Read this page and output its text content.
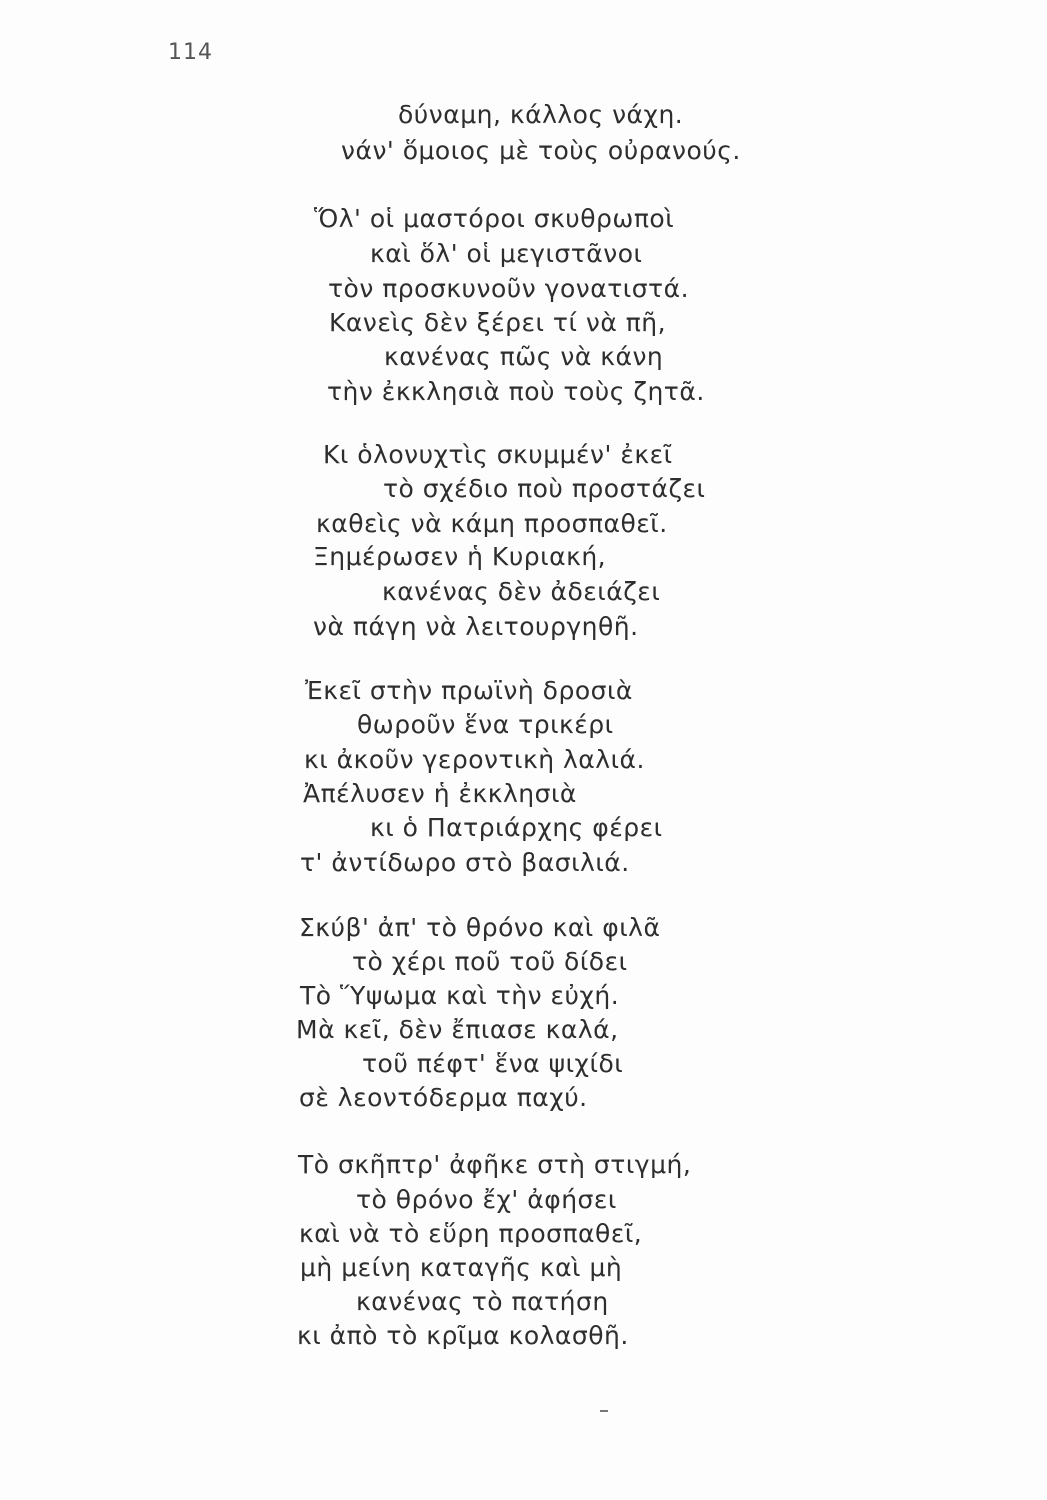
114
δύναμη, κάλλος νάχη.
νάν' ὅμοιος μὲ τοὺς οὐρανούς.
Ὅλ' οἱ μαστόροι σκυθρωποὶ
καὶ ὅλ' οἱ μεγιστᾶνοι
τὸν προσκυνοῦν γονατιστά.
Κανεὶς δὲν ξέρει τί νὰ πῆ,
κανένας πῶς νὰ κάνη
τὴν ἐκκλησιὰ ποὺ τοὺς ζητᾶ.
Κι ὁλονυχτὶς σκυμμέν' ἐκεῖ
τὸ σχέδιο ποὺ προστάζει
καθεὶς νὰ κάμη προσπαθεῖ.
Ξημέρωσεν ἡ Κυριακή,
κανένας δὲν ἀδειάζει
νὰ πάγη νὰ λειτουργηθῆ.
Ἐκεῖ στὴν πρωϊνὴ δροσιὰ
θωροῦν ἕνα τρικέρι
κι ἀκοῦν γεροντικὴ λαλιά.
Ἀπέλυσεν ἡ ἐκκλησιὰ
κι ὁ Πατριάρχης φέρει
τ' ἀντίδωρο στὸ βασιλιά.
Σκύβ' ἀπ' τὸ θρόνο καὶ φιλᾶ
τὸ χέρι ποῦ τοῦ δίδει
Τὸ Ὕψωμα καὶ τὴν εὐχή.
Μὰ κεῖ, δὲν ἔπιασε καλά,
τοῦ πέφτ' ἕνα ψιχίδι
σὲ λεοντόδερμα παχύ.
Τὸ σκῆπτρ' ἀφῆκε στὴ στιγμή,
τὸ θρόνο ἔχ' ἀφήσει
καὶ νὰ τὸ εὕρη προσπαθεῖ,
μὴ μείνη καταγῆς καὶ μὴ
κανένας τὸ πατήση
κι ἀπὸ τὸ κρῖμα κολασθῆ.
